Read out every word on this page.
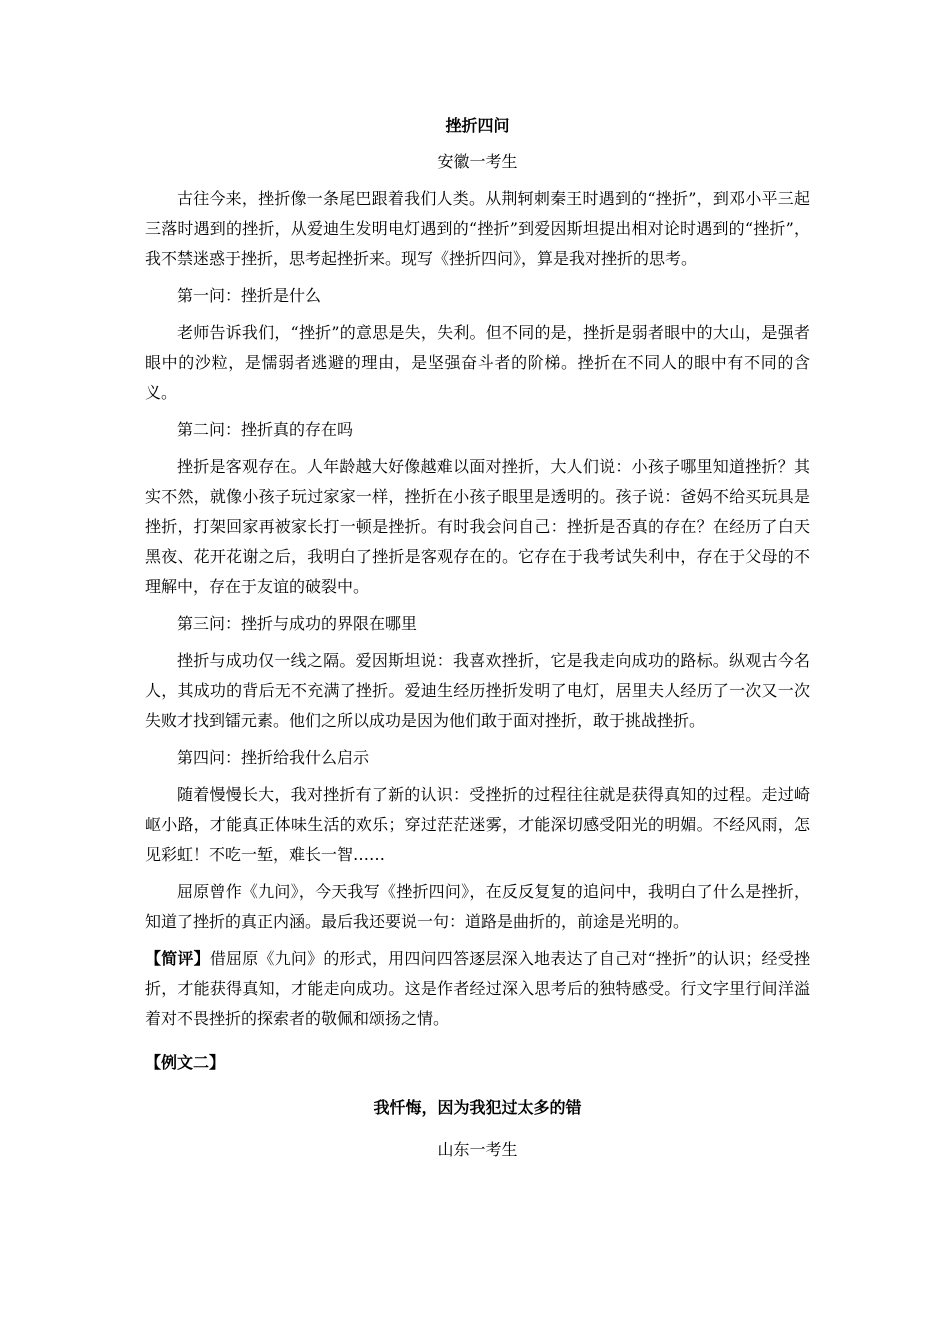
挫折四问
安徽一考生

古往今来，挫折像一条尾巴跟着我们人类。从荆轲刺秦王时遇到的“挫折”，到邓小平三起三落时遇到的挫折，从爱迪生发明电灯遇到的“挫折”到爱因斯坦提出相对论时遇到的“挫折”，我不禁迷惑于挫折，思考起挫折来。现写《挫折四问》，算是我对挫折的思考。

第一问：挫折是什么

老师告诉我们，“挫折”的意思是失，失利。但不同的是，挫折是弱者眼中的大山，是强者眼中的沙粒，是懦弱者逃避的理由，是坚强奋斗者的阶梯。挫折在不同人的眼中有不同的含义。

第二问：挫折真的存在吗

挫折是客观存在。人年龄越大好像越难以面对挫折，大人们说：小孩子哪里知道挫折？其实不然，就像小孩子玩过家家一样，挫折在小孩子眼里是透明的。孩子说：爸妈不给买玩具是挫折，打架回家再被家长打一顿是挫折。有时我会问自己：挫折是否真的存在？在经历了白天黑夜、花开花谢之后，我明白了挫折是客观存在的。它存在于我考试失利中，存在于父母的不理解中，存在于友谊的破裂中。

第三问：挫折与成功的界限在哪里

挫折与成功仅一线之隔。爱因斯坦说：我喜欢挫折，它是我走向成功的路标。纵观古今名人，其成功的背后无不充满了挫折。爱迪生经历挫折发明了电灯，居里夫人经历了一次又一次失败才找到镭元素。他们之所以成功是因为他们敢于面对挫折，敢于挑战挫折。

第四问：挫折给我什么启示

随着慢慢长大，我对挫折有了新的认识：受挫折的过程往往就是获得真知的过程。走过崎岖小路，才能真正体味生活的欢乐；穿过茫茫迷雾，才能深切感受阳光的明媚。不经风雨，怎见彩虹！不吃一堑，难长一智……

屈原曾作《九问》，今天我写《挫折四问》，在反反复复的追问中，我明白了什么是挫折，知道了挫折的真正内涵。最后我还要说一句：道路是曲折的，前途是光明的。

【简评】借屈原《九问》的形式，用四问四答逐层深入地表达了自己对“挫折”的认识；经受挫折，才能获得真知，才能走向成功。这是作者经过深入思考后的独特感受。行文字里行间洋溢着对不畏挫折的探索者的敬佩和颂扬之情。

【例文二】
我忏悔，因为我犯过太多的错
山东一考生
